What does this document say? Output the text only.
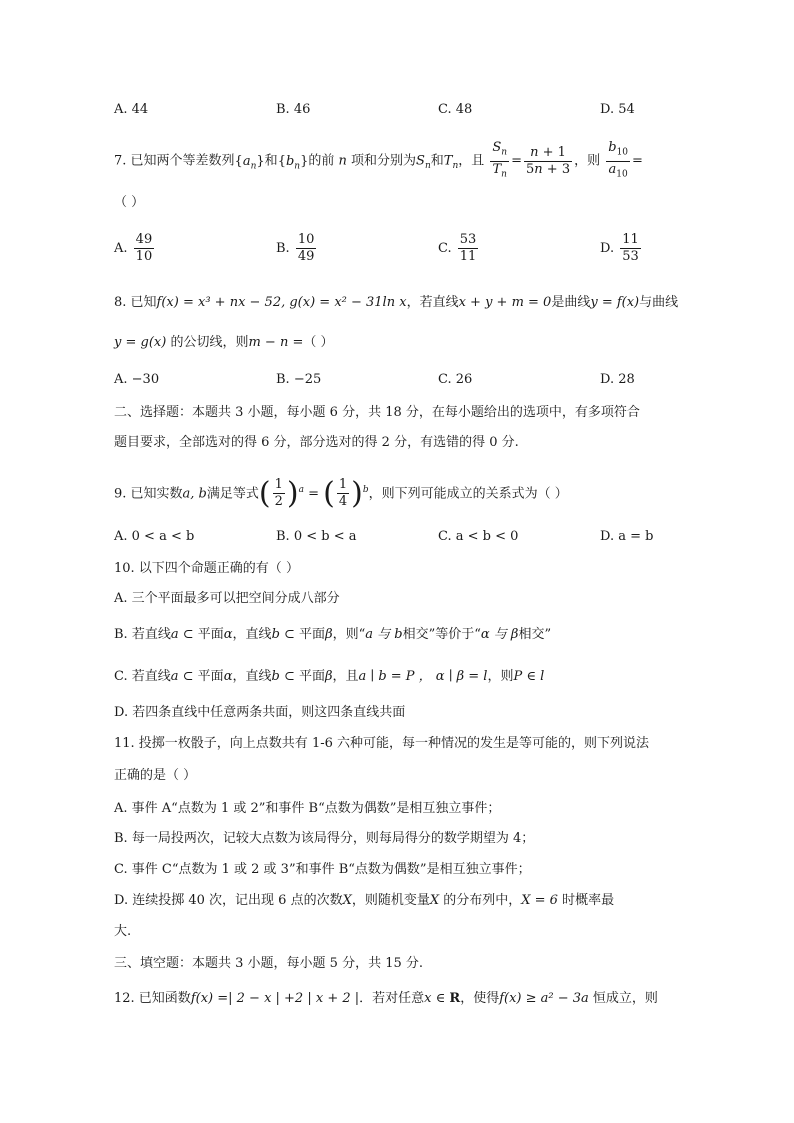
A. 44	B. 46	C. 48	D. 54
7. 已知两个等差数列$\{a_n\}$和$\{b_n\}$的前 n 项和分别为$S_n$和$T_n$，且 $\frac{S_n}{T_n} = \frac{n + 1}{5n + 3}$ ，则 $\frac{b_{10}}{a_{10}}$ =
（ ）
A. $\frac{49}{10}$	B. $\frac{10}{49}$	C. $\frac{53}{11}$	D. $\frac{11}{53}$
8. 已知f(x) = x³ + nx − 52, g(x) = x² − 31ln x，若直线x + y + m = 0是曲线y = f(x)与曲线
y = g(x) 的公切线，则m − n =（ ）
A. −30	B. −25	C. 26	D. 28
二、选择题：本题共 3 小题，每小题 6 分，共 18 分，在每小题给出的选项中，有多项符合
题目要求，全部选对的得 6 分，部分选对的得 2 分，有选错的得 0 分.
9. 已知实数a, b满足等式( $\frac{1}{2} )^a$ = ( $\frac{1}{4} )^b$，则下列可能成立的关系式为（ ）
A. 0 < a < b	B. 0 < b < a	C. a < b < 0	D. a = b
10. 以下四个命题正确的有（ ）
A. 三个平面最多可以把空间分成八部分
B. 若直线a ⊂ 平面α，直线b ⊂ 平面β，则“a 与 b相交”等价于“α 与 β相交”
C. 若直线a ⊂ 平面α，直线b ⊂ 平面β，且a ∣ b = P ， α ∣ β = l，则P ∈ l
D. 若四条直线中任意两条共面，则这四条直线共面
11. 投掷一枚骰子，向上点数共有 1-6 六种可能，每一种情况的发生是等可能的，则下列说法
正确的是（ ）
A. 事件 A“点数为 1 或 2”和事件 B“点数为偶数”是相互独立事件；
B. 每一局投两次，记较大点数为该局得分，则每局得分的数学期望为 4；
C. 事件 C“点数为 1 或 2 或 3”和事件 B“点数为偶数”是相互独立事件；
D. 连续投掷 40 次，记出现 6 点的次数X，则随机变量X 的分布列中，X = 6 时概率最
大.
三、填空题：本题共 3 小题，每小题 5 分，共 15 分.
12. 已知函数f(x) =| 2 − x | +2 | x + 2 |．若对任意x ∈ R，使得f(x) ≥ a² − 3a 恒成立，则
